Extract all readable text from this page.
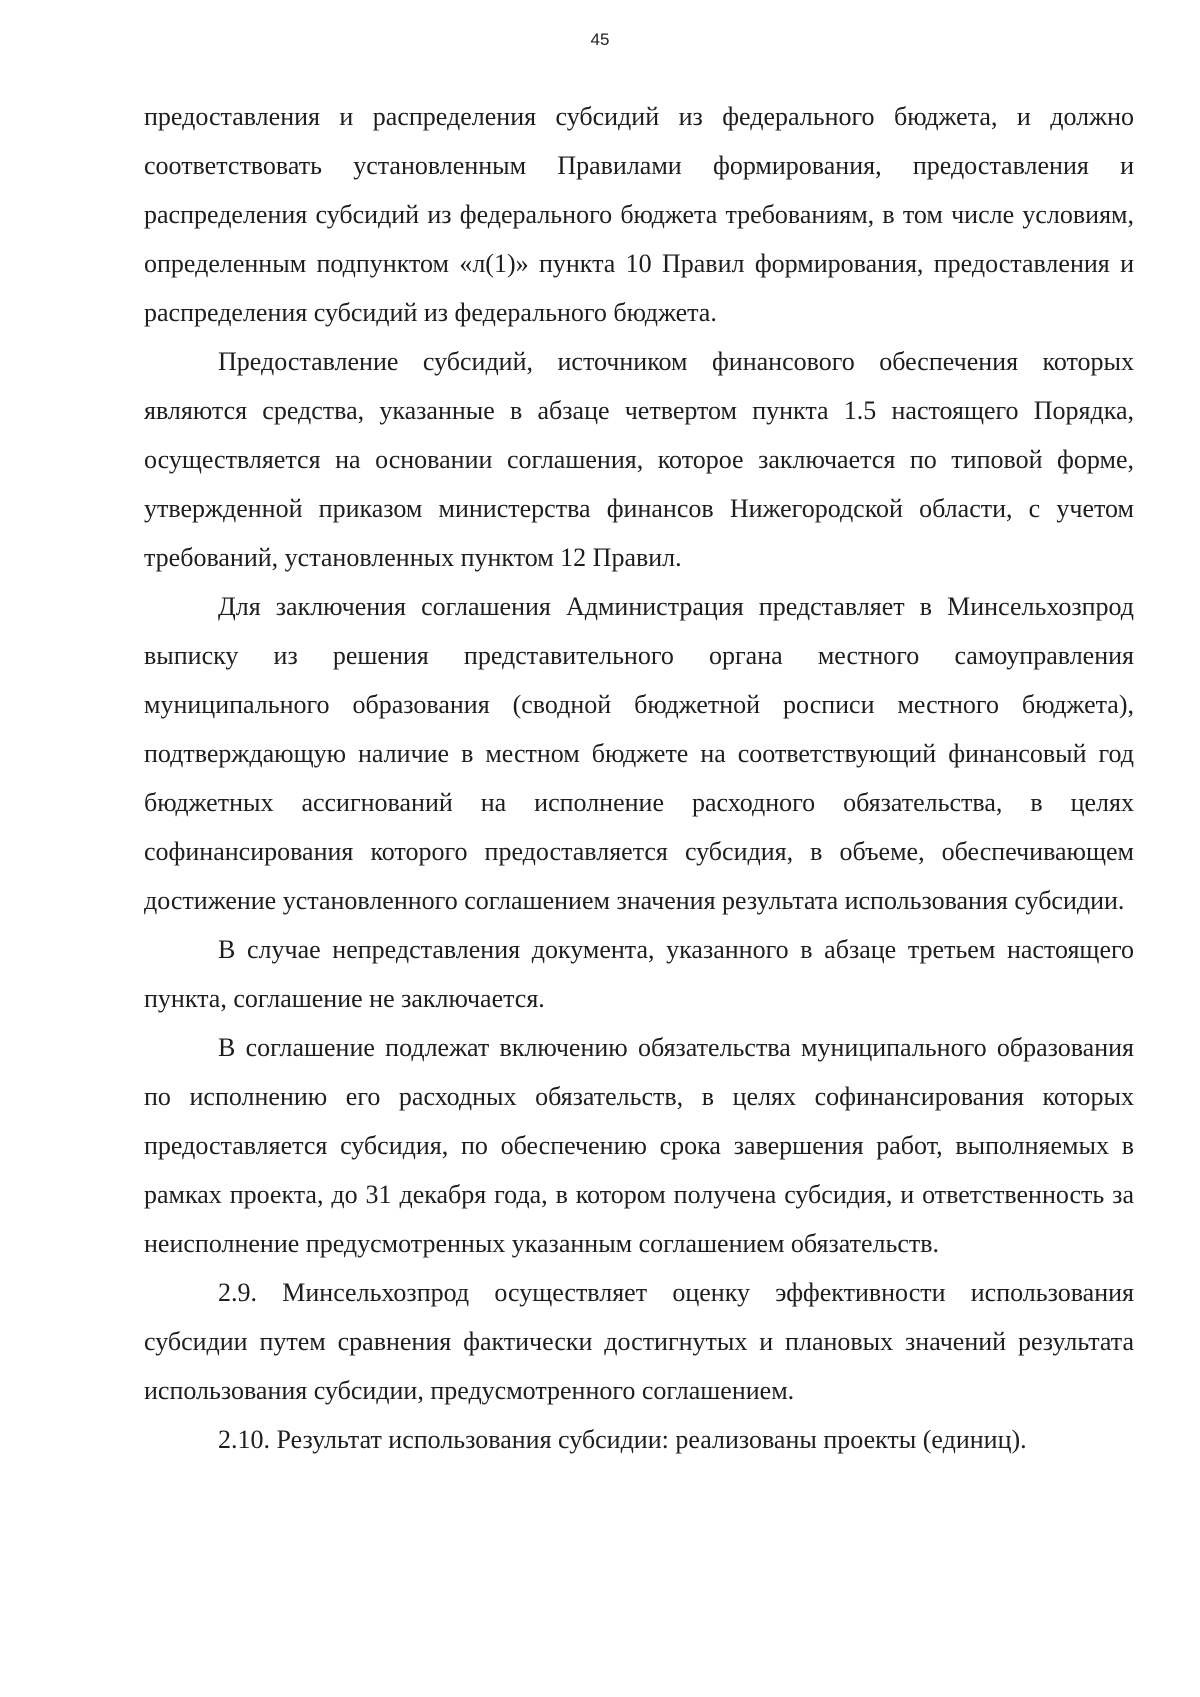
45

предоставления и распределения субсидий из федерального бюджета, и должно соответствовать установленным Правилами формирования, предоставления и распределения субсидий из федерального бюджета требованиям, в том числе условиям, определенным подпунктом «л(1)» пункта 10 Правил формирования, предоставления и распределения субсидий из федерального бюджета.

Предоставление субсидий, источником финансового обеспечения которых являются средства, указанные в абзаце четвертом пункта 1.5 настоящего Порядка, осуществляется на основании соглашения, которое заключается по типовой форме, утвержденной приказом министерства финансов Нижегородской области, с учетом требований, установленных пунктом 12 Правил.

Для заключения соглашения Администрация представляет в Минсельхозпрод выписку из решения представительного органа местного самоуправления муниципального образования (сводной бюджетной росписи местного бюджета), подтверждающую наличие в местном бюджете на соответствующий финансовый год бюджетных ассигнований на исполнение расходного обязательства, в целях софинансирования которого предоставляется субсидия, в объеме, обеспечивающем достижение установленного соглашением значения результата использования субсидии.

В случае непредставления документа, указанного в абзаце третьем настоящего пункта, соглашение не заключается.

В соглашение подлежат включению обязательства муниципального образования по исполнению его расходных обязательств, в целях софинансирования которых предоставляется субсидия, по обеспечению срока завершения работ, выполняемых в рамках проекта, до 31 декабря года, в котором получена субсидия, и ответственность за неисполнение предусмотренных указанным соглашением обязательств.

2.9. Минсельхозпрод осуществляет оценку эффективности использования субсидии путем сравнения фактически достигнутых и плановых значений результата использования субсидии, предусмотренного соглашением.

2.10. Результат использования субсидии: реализованы проекты (единиц).
